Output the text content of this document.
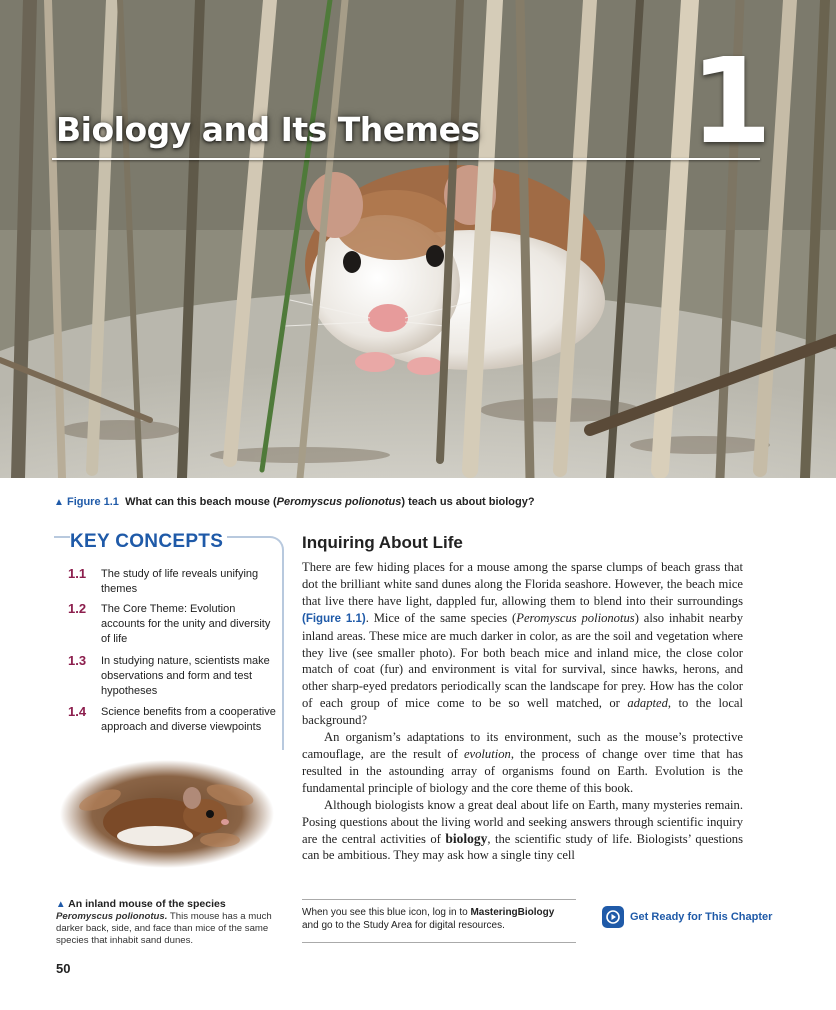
Biology and Its Themes 1
▲ Figure 1.1 What can this beach mouse (Peromyscus polionotus) teach us about biology?
KEY CONCEPTS
1.1 The study of life reveals unifying themes
1.2 The Core Theme: Evolution accounts for the unity and diversity of life
1.3 In studying nature, scientists make observations and form and test hypotheses
1.4 Science benefits from a cooperative approach and diverse viewpoints
▲ An inland mouse of the species
Peromyscus polionotus. This mouse has a much darker back, side, and face than mice of the same species that inhabit sand dunes.
50
Inquiring About Life

There are few hiding places for a mouse among the sparse clumps of beach grass that dot the brilliant white sand dunes along the Florida seashore. However, the beach mice that live there have light, dappled fur, allowing them to blend into their surroundings (Figure 1.1). Mice of the same species (Peromyscus polionotus) also inhabit nearby inland areas. These mice are much darker in color, as are the soil and vegetation where they live (see smaller photo). For both beach mice and inland mice, the close color match of coat (fur) and environment is vital for survival, since hawks, herons, and other sharp-eyed predators periodically scan the landscape for prey. How has the color of each group of mice come to be so well matched, or adapted, to the local background?

An organism’s adaptations to its environment, such as the mouse’s protective camouflage, are the result of evolution, the process of change over time that has resulted in the astounding array of organisms found on Earth. Evolution is the fundamental principle of biology and the core theme of this book.

Although biologists know a great deal about life on Earth, many mysteries remain. Posing questions about the living world and seeking answers through scientific inquiry are the central activities of biology, the scientific study of life. Biologists’ questions can be ambitious. They may ask how a single tiny cell

When you see this blue icon, log in to MasteringBiology
and go to the Study Area for digital resources.
Get Ready for This Chapter
